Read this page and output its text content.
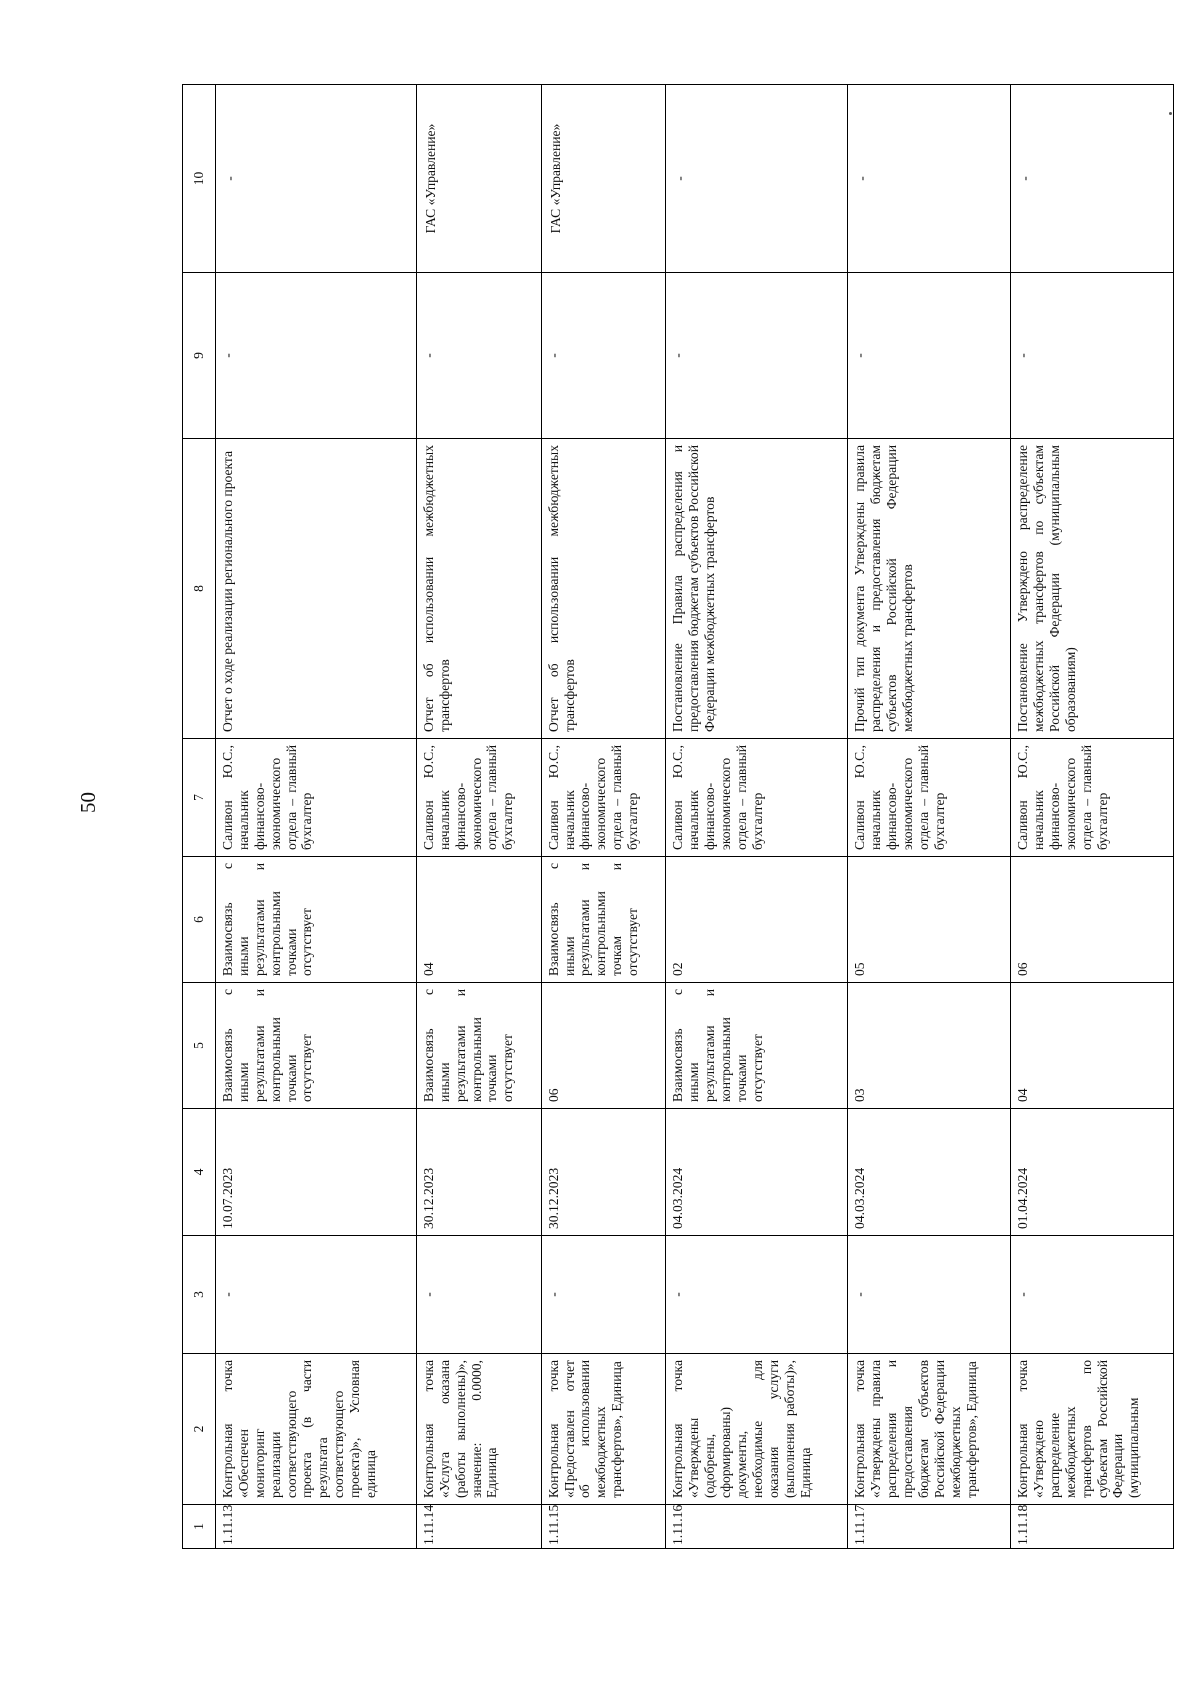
50
1	2	3	4	5	6	7	8	9	10
1.11.13	Контрольная точка «Обеспечен мониторинг реализации соответствующего проекта (в части результата соответствующего проекта)», Условная единица	-	10.07.2023	Взаимосвязь с иными результатами и контрольными точками отсутствует	Взаимосвязь с иными результатами и контрольными точками отсутствует	Саливон Ю.С., начальник финансово-экономического отдела – главный бухгалтер	Отчет о ходе реализации регионального проекта	-	-
1.11.14	Контрольная точка «Услуга оказана (работы выполнены)», значение: 0.0000, Единица	-	30.12.2023	Взаимосвязь с иными результатами и контрольными точками отсутствует	04	Саливон Ю.С., начальник финансово-экономического отдела – главный бухгалтер	Отчет об использовании межбюджетных трансфертов	-	ГАС «Управление»
1.11.15	Контрольная точка «Предоставлен отчет об использовании межбюджетных трансфертов», Единица	-	30.12.2023	06	Взаимосвязь с иными результатами и контрольными точкам и отсутствует	Саливон Ю.С., начальник финансово-экономического отдела – главный бухгалтер	Отчет об использовании межбюджетных трансфертов	-	ГАС «Управление»
1.11.16	Контрольная точка «Утверждены (одобрены, сформированы) документы, необходимые для оказания услуги (выполнения работы)», Единица	-	04.03.2024	Взаимосвязь с иными результатами и контрольными точками отсутствует	02	Саливон Ю.С., начальник финансово-экономического отдела – главный бухгалтер	Постановление Правила распределения и предоставления бюджетам субъектов Российской Федерации межбюджетных трансфертов	-	-
1.11.17	Контрольная точка «Утверждены правила распределения и предоставления бюджетам субъектов Российской Федерации межбюджетных трансфертов», Единица	-	04.03.2024	03	05	Саливон Ю.С., начальник финансово-экономического отдела – главный бухгалтер	Прочий тип документа Утверждены правила распределения и предоставления бюджетам субъектов Российской Федерации межбюджетных трансфертов	-	-
1.11.18	Контрольная точка «Утверждено распределение межбюджетных трансфертов по субъектам Российской Федерации (муниципальным	-	01.04.2024	04	06	Саливон Ю.С., начальник финансово-экономического отдела – главный бухгалтер	Постановление Утверждено распределение межбюджетных трансфертов по субъектам Российской Федерации (муниципальным образованиям)	-	-
